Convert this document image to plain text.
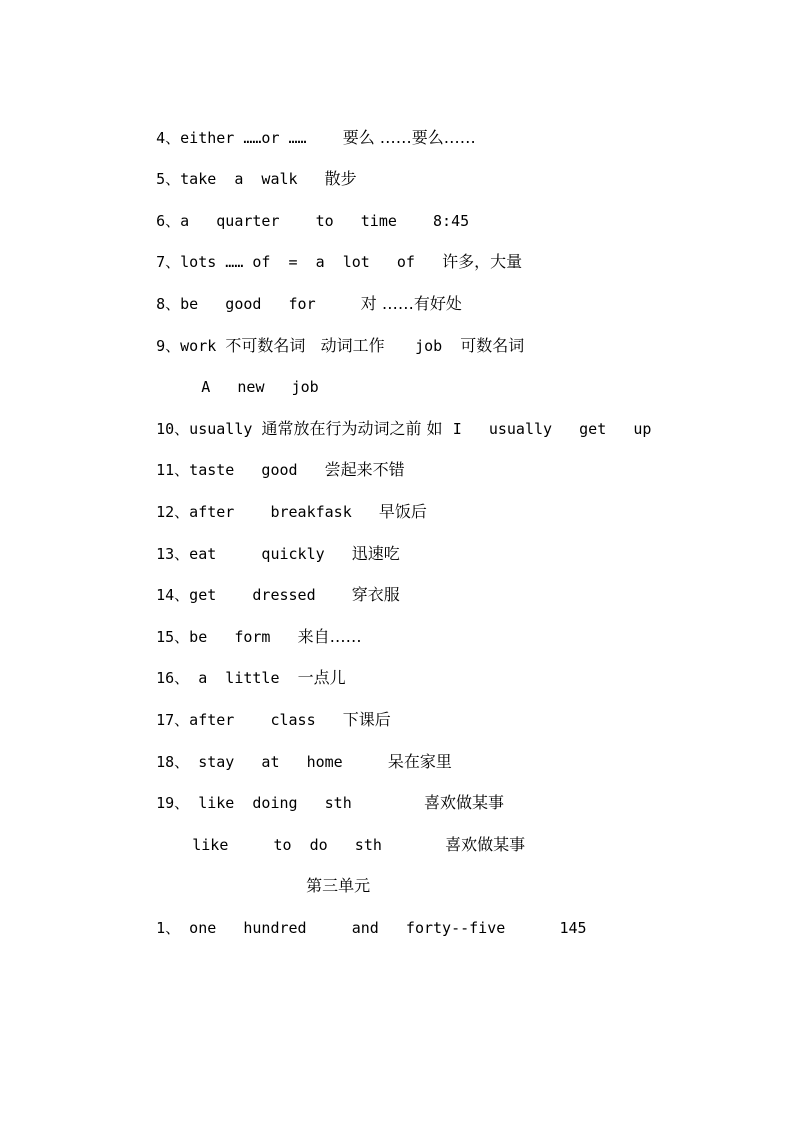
4、either ……or ……    要么 ……要么……

5、take  a  walk   散步

6、a   quarter    to   time    8:45

7、lots …… of  =  a  lot   of   许多，大量

8、be   good   for     对 ……有好处

9、work 不可数名词   动词工作      job  可数名词

A   new   job

10、usually 通常放在行为动词之前 如  I   usually   get   up

11、taste   good   尝起来不错

12、after    breakfask   早饭后

13、eat     quickly   迅速吃

14、get    dressed    穿衣服

15、be   form   来自……

16、 a  little  一点儿

17、after    class   下课后

18、 stay   at   home     呆在家里

19、 like  doing   sth        喜欢做某事

like     to  do   sth       喜欢做某事

第三单元

1、 one   hundred     and   forty--five      145
